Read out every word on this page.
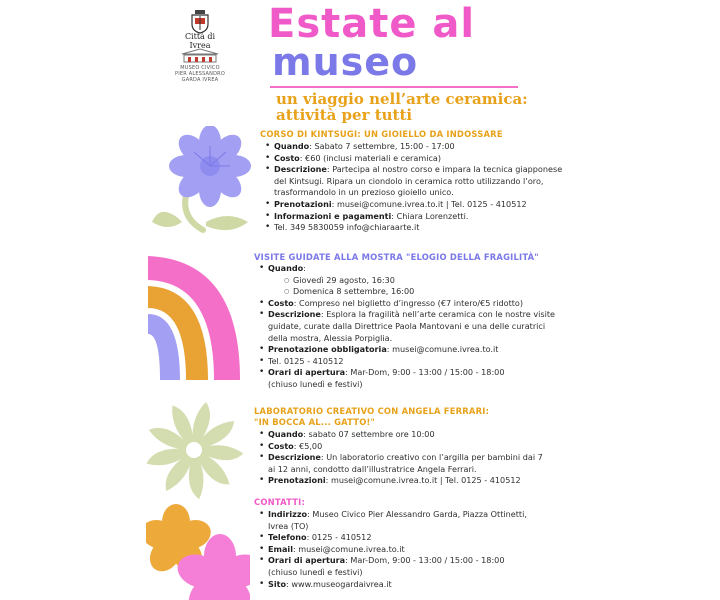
Città di Ivrea
MUSEO CIVICO
PIER ALESSANDRO
GARDA IVREA
Estate al
museo
un viaggio nell’arte ceramica:
attività per tutti
CORSO DI KINTSUGI: UN GIOIELLO DA INDOSSARE
• Quando: Sabato 7 settembre, 15:00 - 17:00
• Costo: €60 (inclusi materiali e ceramica)
• Descrizione: Partecipa al nostro corso e impara la tecnica giapponese del Kintsugi. Ripara un ciondolo in ceramica rotto utilizzando l’oro, trasformandolo in un prezioso gioiello unico.
• Prenotazioni: musei@comune.ivrea.to.it | Tel. 0125 - 410512
• Informazioni e pagamenti: Chiara Lorenzetti.
• Tel. 349 5830059 info@chiaraarte.it
VISITE GUIDATE ALLA MOSTRA "ELOGIO DELLA FRAGILITÀ"
• Quando:
○ Giovedì 29 agosto, 16:30
○ Domenica 8 settembre, 16:00
• Costo: Compreso nel biglietto d’ingresso (€7 intero/€5 ridotto)
• Descrizione: Esplora la fragilità nell’arte ceramica con le nostre visite guidate, curate dalla Direttrice Paola Mantovani e una delle curatrici della mostra, Alessia Porpiglia.
• Prenotazione obbligatoria: musei@comune.ivrea.to.it
• Tel. 0125 - 410512
• Orari di apertura: Mar-Dom, 9:00 - 13:00 / 15:00 - 18:00
(chiuso lunedì e festivi)
LABORATORIO CREATIVO CON ANGELA FERRARI:
"IN BOCCA AL... GATTO!"
• Quando: sabato 07 settembre ore 10:00
• Costo: €5,00
• Descrizione: Un laboratorio creativo con l’argilla per bambini dai 7 ai 12 anni, condotto dall’illustratrice Angela Ferrari.
• Prenotazioni: musei@comune.ivrea.to.it | Tel. 0125 - 410512
CONTATTI:
• Indirizzo: Museo Civico Pier Alessandro Garda, Piazza Ottinetti, Ivrea (TO)
• Telefono: 0125 - 410512
• Email: musei@comune.ivrea.to.it
• Orari di apertura: Mar-Dom, 9:00 - 13:00 / 15:00 - 18:00
(chiuso lunedì e festivi)
• Sito: www.museogardaivrea.it
